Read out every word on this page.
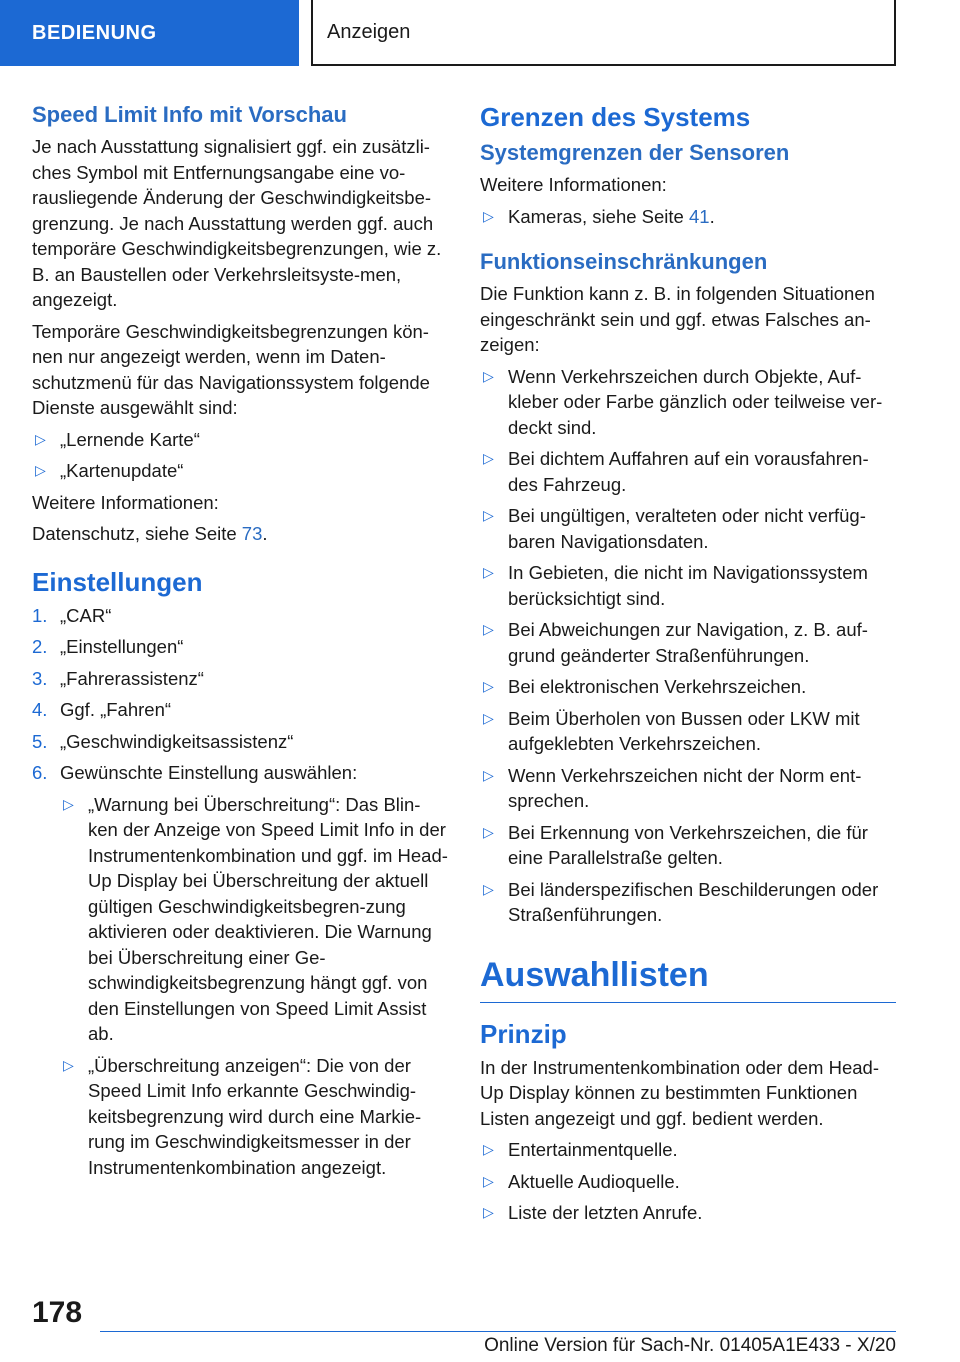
BEDIENUNG	Anzeigen
Speed Limit Info mit Vorschau

Je nach Ausstattung signalisiert ggf. ein zusätzli-ches Symbol mit Entfernungsangabe eine vo-rausliegende Änderung der Geschwindigkeitsbe-grenzung. Je nach Ausstattung werden ggf. auch temporäre Geschwindigkeitsbegrenzungen, wie z. B. an Baustellen oder Verkehrsleitsyste-men, angezeigt.

Temporäre Geschwindigkeitsbegrenzungen kön-nen nur angezeigt werden, wenn im Daten-schutzmenü für das Navigationssystem folgende Dienste ausgewählt sind:

▷ „Lernende Karte“
▷ „Kartenupdate“

Weitere Informationen:

Datenschutz, siehe Seite 73.

Einstellungen
1. „CAR“
2. „Einstellungen“
3. „Fahrerassistenz“
4. Ggf. „Fahren“
5. „Geschwindigkeitsassistenz“
6. Gewünschte Einstellung auswählen:
▷ „Warnung bei Überschreitung“: Das Blin-ken der Anzeige von Speed Limit Info in der Instrumentenkombination und ggf. im Head-Up Display bei Überschreitung der aktuell gültigen Geschwindigkeitsbegren-zung aktivieren oder deaktivieren. Die Warnung bei Überschreitung einer Ge-schwindigkeitsbegrenzung hängt ggf. von den Einstellungen von Speed Limit Assist ab.
▷ „Überschreitung anzeigen“: Die von der Speed Limit Info erkannte Geschwindig-keitsbegrenzung wird durch eine Markie-rung im Geschwindigkeitsmesser in der Instrumentenkombination angezeigt.
Grenzen des Systems
Systemgrenzen der Sensoren

Weitere Informationen:

▷ Kameras, siehe Seite 41.
Funktionseinschränkungen

Die Funktion kann z. B. in folgenden Situationen eingeschränkt sein und ggf. etwas Falsches an-zeigen:

▷ Wenn Verkehrszeichen durch Objekte, Auf-kleber oder Farbe gänzlich oder teilweise ver-deckt sind.
▷ Bei dichtem Auffahren auf ein vorausfahren-des Fahrzeug.
▷ Bei ungültigen, veralteten oder nicht verfüg-baren Navigationsdaten.
▷ In Gebieten, die nicht im Navigationssystem berücksichtigt sind.
▷ Bei Abweichungen zur Navigation, z. B. auf-grund geänderter Straßenführungen.
▷ Bei elektronischen Verkehrszeichen.
▷ Beim Überholen von Bussen oder LKW mit aufgeklebten Verkehrszeichen.
▷ Wenn Verkehrszeichen nicht der Norm ent-sprechen.
▷ Bei Erkennung von Verkehrszeichen, die für eine Parallelstraße gelten.
▷ Bei länderspezifischen Beschilderungen oder Straßenführungen.
Auswahllisten
Prinzip

In der Instrumentenkombination oder dem Head-Up Display können zu bestimmten Funktionen Listen angezeigt und ggf. bedient werden.

▷ Entertainmentquelle.
▷ Aktuelle Audioquelle.
▷ Liste der letzten Anrufe.
178
Online Version für Sach-Nr. 01405A1E433 - X/20
